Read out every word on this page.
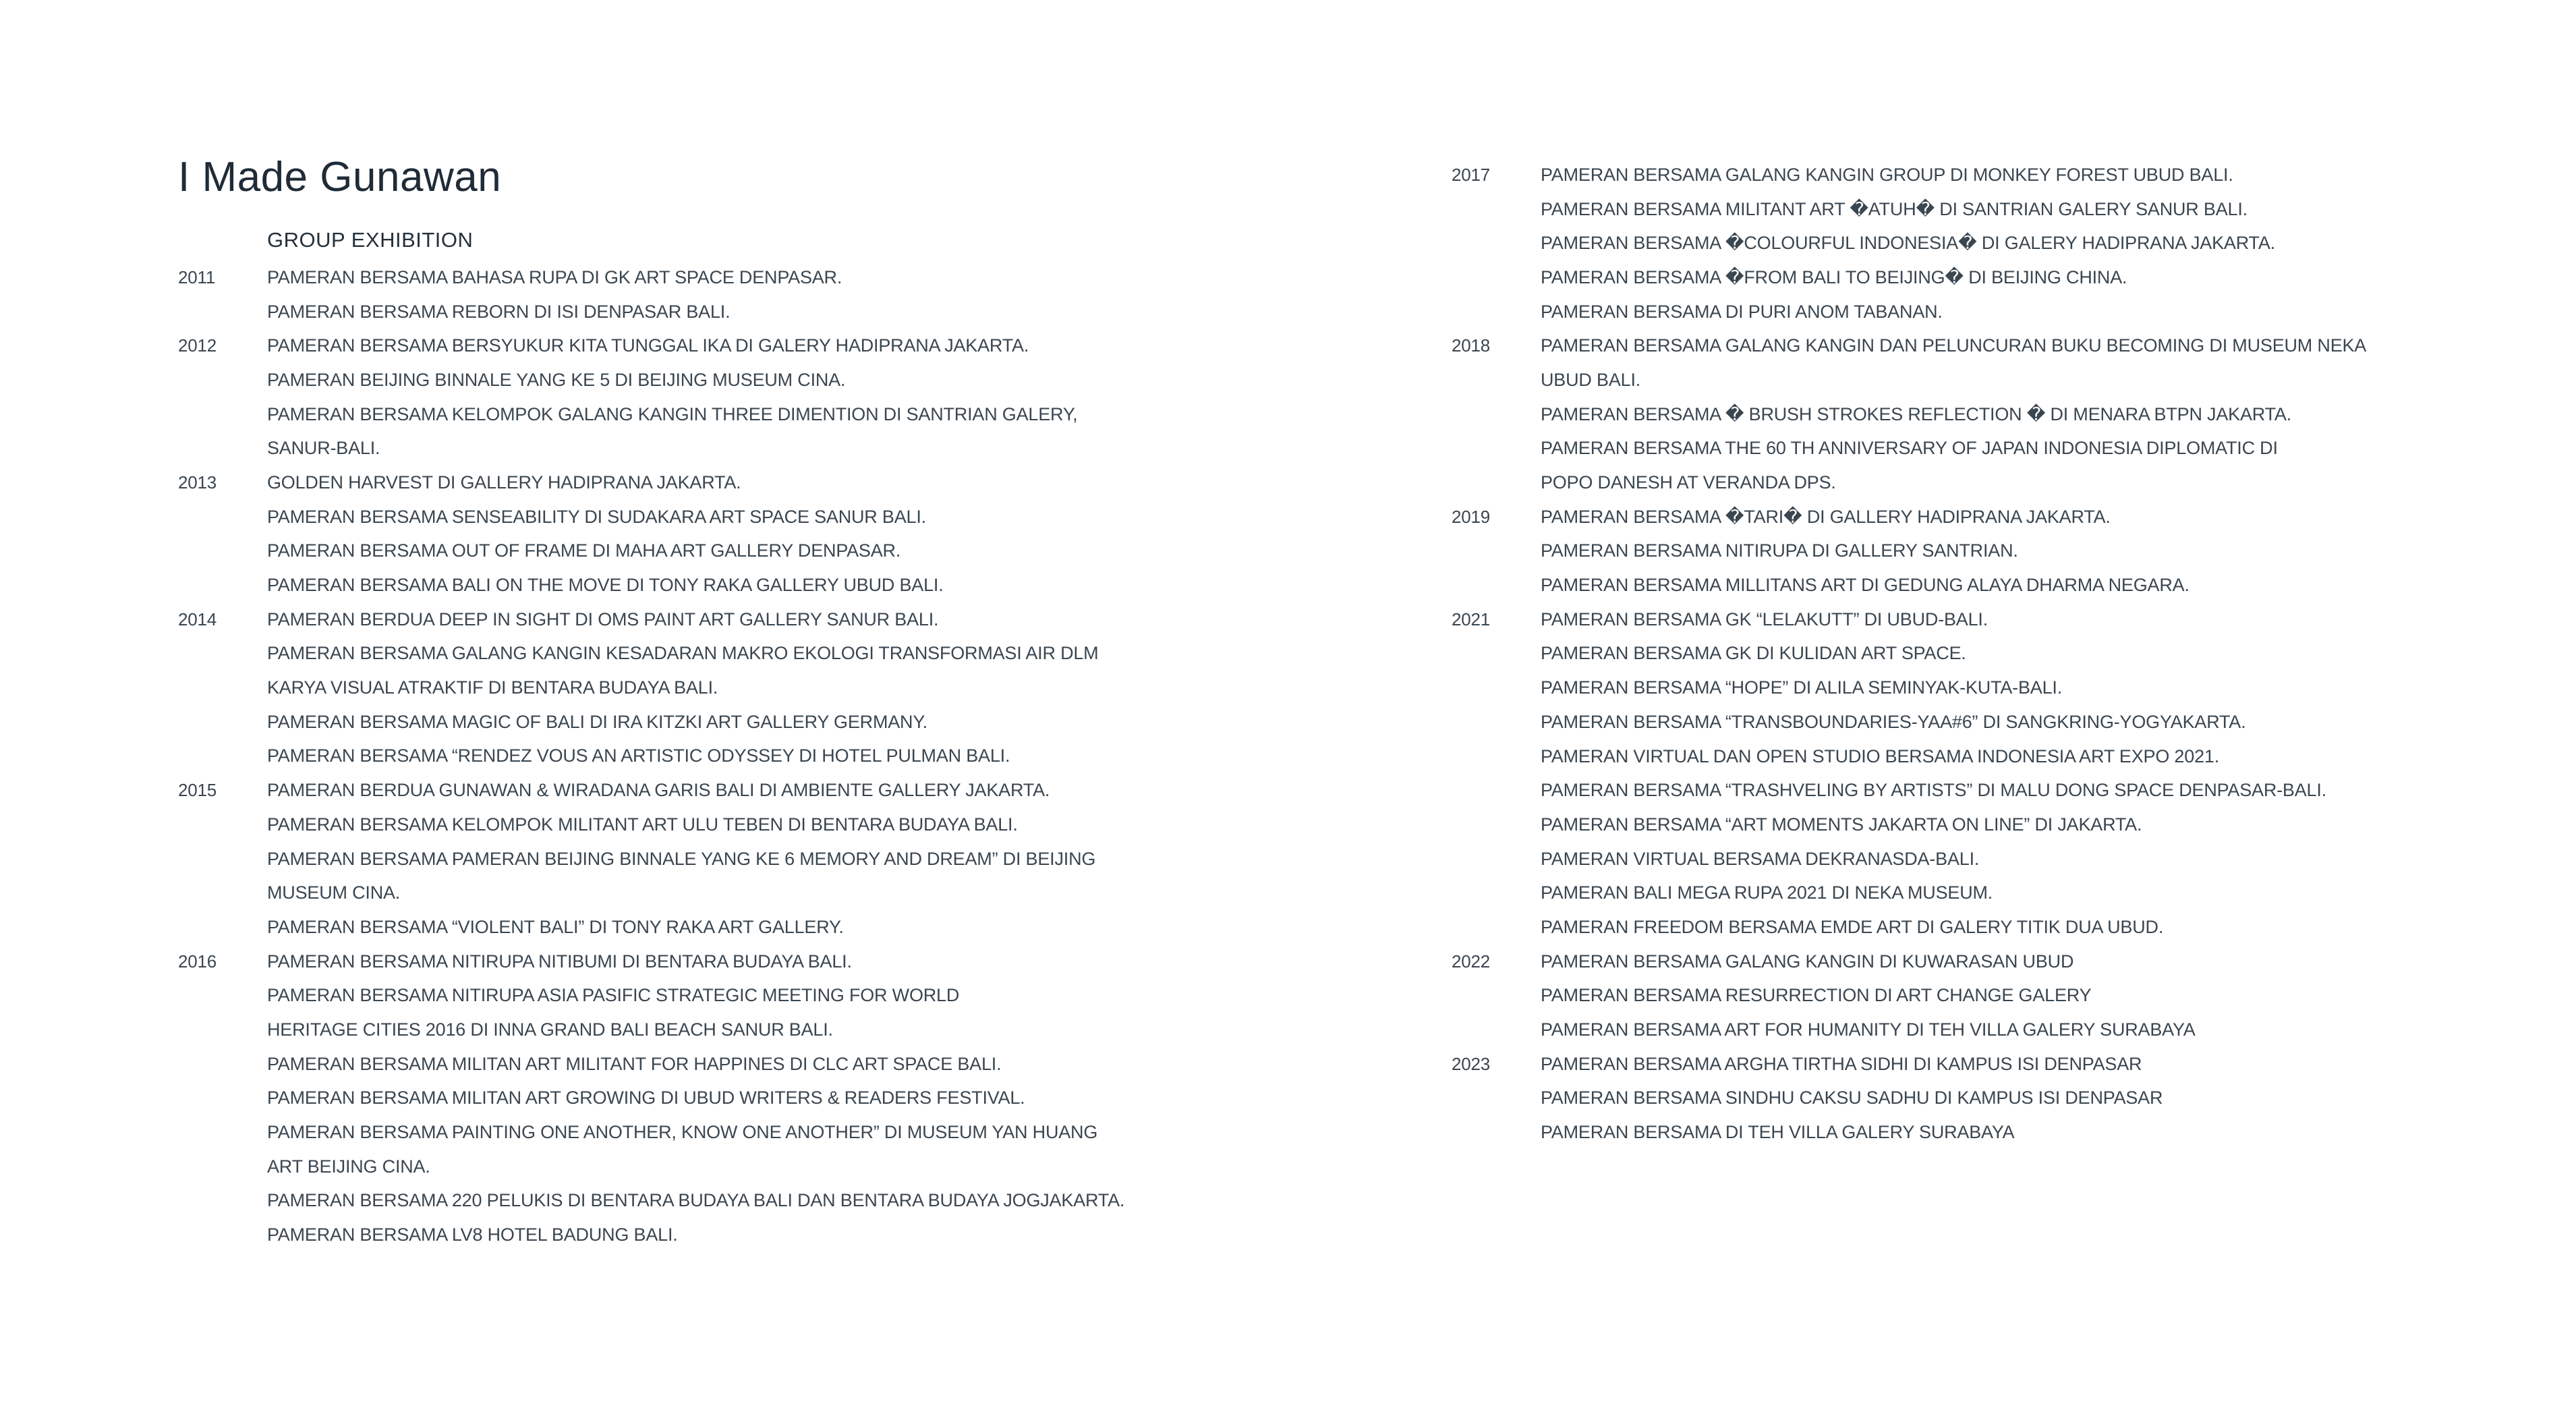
I Made Gunawan
GROUP EXHIBITION
2011	PAMERAN BERSAMA BAHASA RUPA DI GK ART SPACE DENPASAR.
PAMERAN BERSAMA REBORN DI ISI DENPASAR BALI.
2012	PAMERAN BERSAMA BERSYUKUR KITA TUNGGAL IKA DI GALERY HADIPRANA JAKARTA.
PAMERAN BEIJING BINNALE YANG KE 5 DI BEIJING MUSEUM CINA.
PAMERAN BERSAMA KELOMPOK GALANG KANGIN THREE DIMENTION DI SANTRIAN GALERY,
SANUR-BALI.
2013	GOLDEN HARVEST DI GALLERY HADIPRANA JAKARTA.
PAMERAN BERSAMA SENSEABILITY DI SUDAKARA ART SPACE SANUR BALI.
PAMERAN BERSAMA OUT OF FRAME DI MAHA ART GALLERY DENPASAR.
PAMERAN BERSAMA BALI ON THE MOVE DI TONY RAKA GALLERY UBUD BALI.
2014	PAMERAN BERDUA DEEP IN SIGHT DI OMS PAINT ART GALLERY SANUR BALI.
PAMERAN BERSAMA GALANG KANGIN KESADARAN MAKRO EKOLOGI TRANSFORMASI AIR DLM
KARYA VISUAL ATRAKTIF DI BENTARA BUDAYA BALI.
PAMERAN BERSAMA MAGIC OF BALI DI IRA KITZKI ART GALLERY GERMANY.
PAMERAN BERSAMA “RENDEZ VOUS AN ARTISTIC ODYSSEY DI HOTEL PULMAN BALI.
2015	PAMERAN BERDUA GUNAWAN & WIRADANA GARIS BALI DI AMBIENTE GALLERY JAKARTA.
PAMERAN BERSAMA KELOMPOK MILITANT ART ULU TEBEN DI BENTARA BUDAYA BALI.
PAMERAN BERSAMA PAMERAN BEIJING BINNALE YANG KE 6 MEMORY AND DREAM” DI BEIJING
MUSEUM CINA.
PAMERAN BERSAMA “VIOLENT BALI” DI TONY RAKA ART GALLERY.
2016	PAMERAN BERSAMA NITIRUPA NITIBUMI DI BENTARA BUDAYA BALI.
PAMERAN BERSAMA NITIRUPA ASIA PASIFIC STRATEGIC MEETING FOR WORLD
HERITAGE CITIES 2016 DI INNA GRAND BALI BEACH SANUR BALI.
PAMERAN BERSAMA MILITAN ART MILITANT FOR HAPPINES DI CLC ART SPACE BALI.
PAMERAN BERSAMA MILITAN ART GROWING DI UBUD WRITERS & READERS FESTIVAL.
PAMERAN BERSAMA PAINTING ONE ANOTHER, KNOW ONE ANOTHER” DI MUSEUM YAN HUANG
ART BEIJING CINA.
PAMERAN BERSAMA 220 PELUKIS DI BENTARA BUDAYA BALI DAN BENTARA BUDAYA JOGJAKARTA.
PAMERAN BERSAMA LV8 HOTEL BADUNG BALI.
2017	PAMERAN BERSAMA GALANG KANGIN GROUP DI MONKEY FOREST UBUD BALI.
PAMERAN BERSAMA MILITANT ART �ATUH� DI SANTRIAN GALERY SANUR BALI.
PAMERAN BERSAMA �COLOURFUL INDONESIA� DI GALERY HADIPRANA JAKARTA.
PAMERAN BERSAMA �FROM BALI TO BEIJING� DI BEIJING CHINA.
PAMERAN BERSAMA DI PURI ANOM TABANAN.
2018	PAMERAN BERSAMA GALANG KANGIN DAN PELUNCURAN BUKU BECOMING DI MUSEUM NEKA
UBUD BALI.
PAMERAN BERSAMA � BRUSH STROKES REFLECTION � DI MENARA BTPN JAKARTA.
PAMERAN BERSAMA THE 60 TH ANNIVERSARY OF JAPAN INDONESIA DIPLOMATIC DI
POPO DANESH AT VERANDA DPS.
2019	PAMERAN BERSAMA �TARI� DI GALLERY HADIPRANA JAKARTA.
PAMERAN BERSAMA NITIRUPA DI GALLERY SANTRIAN.
PAMERAN BERSAMA MILLITANS ART DI GEDUNG ALAYA DHARMA NEGARA.
2021	PAMERAN BERSAMA GK “LELAKUTT” DI UBUD-BALI.
PAMERAN BERSAMA GK DI KULIDAN ART SPACE.
PAMERAN BERSAMA “HOPE” DI ALILA SEMINYAK-KUTA-BALI.
PAMERAN BERSAMA “TRANSBOUNDARIES-YAA#6” DI SANGKRING-YOGYAKARTA.
PAMERAN VIRTUAL DAN OPEN STUDIO BERSAMA INDONESIA ART EXPO 2021.
PAMERAN BERSAMA “TRASHVELING BY ARTISTS” DI MALU DONG SPACE DENPASAR-BALI.
PAMERAN BERSAMA “ART MOMENTS JAKARTA ON LINE” DI JAKARTA.
PAMERAN VIRTUAL BERSAMA DEKRANASDA-BALI.
PAMERAN BALI MEGA RUPA 2021 DI NEKA MUSEUM.
PAMERAN FREEDOM BERSAMA EMDE ART DI GALERY TITIK DUA UBUD.
2022	PAMERAN BERSAMA GALANG KANGIN DI KUWARASAN UBUD
PAMERAN BERSAMA RESURRECTION DI ART CHANGE GALERY
PAMERAN BERSAMA ART FOR HUMANITY DI TEH VILLA GALERY SURABAYA
2023	PAMERAN BERSAMA ARGHA TIRTHA SIDHI DI KAMPUS ISI DENPASAR
PAMERAN BERSAMA SINDHU CAKSU SADHU DI KAMPUS ISI DENPASAR
PAMERAN BERSAMA DI TEH VILLA GALERY SURABAYA
